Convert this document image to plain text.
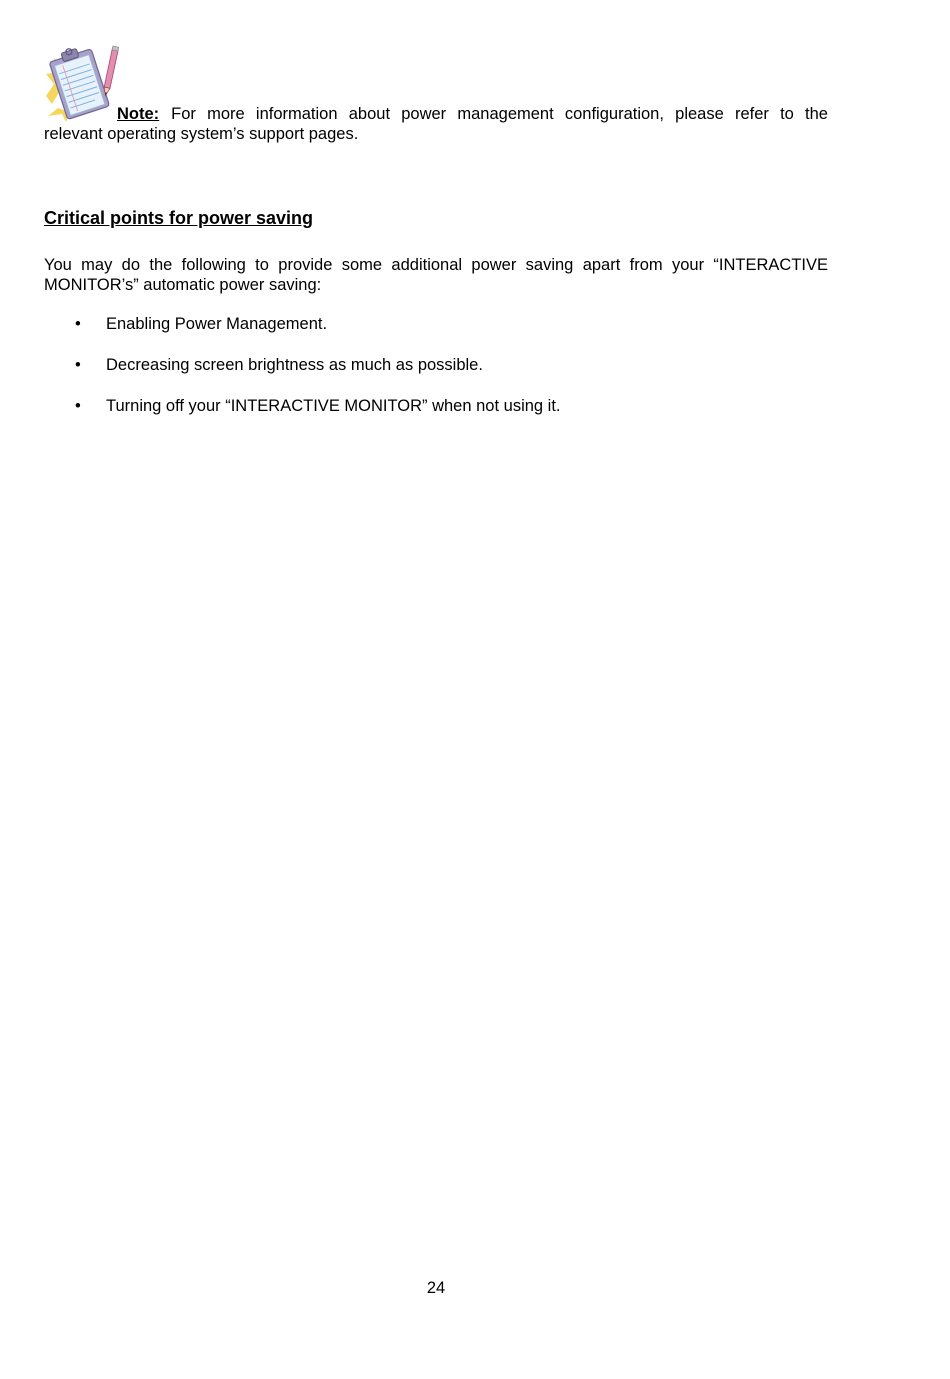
Note: For more information about power management configuration, please refer to the
relevant operating system’s support pages.
Critical points for power saving

You may do the following to provide some additional power saving apart from your “INTERACTIVE
MONITOR’s” automatic power saving:

• Enabling Power Management.
• Decreasing screen brightness as much as possible.
• Turning off your “INTERACTIVE MONITOR” when not using it.
24
